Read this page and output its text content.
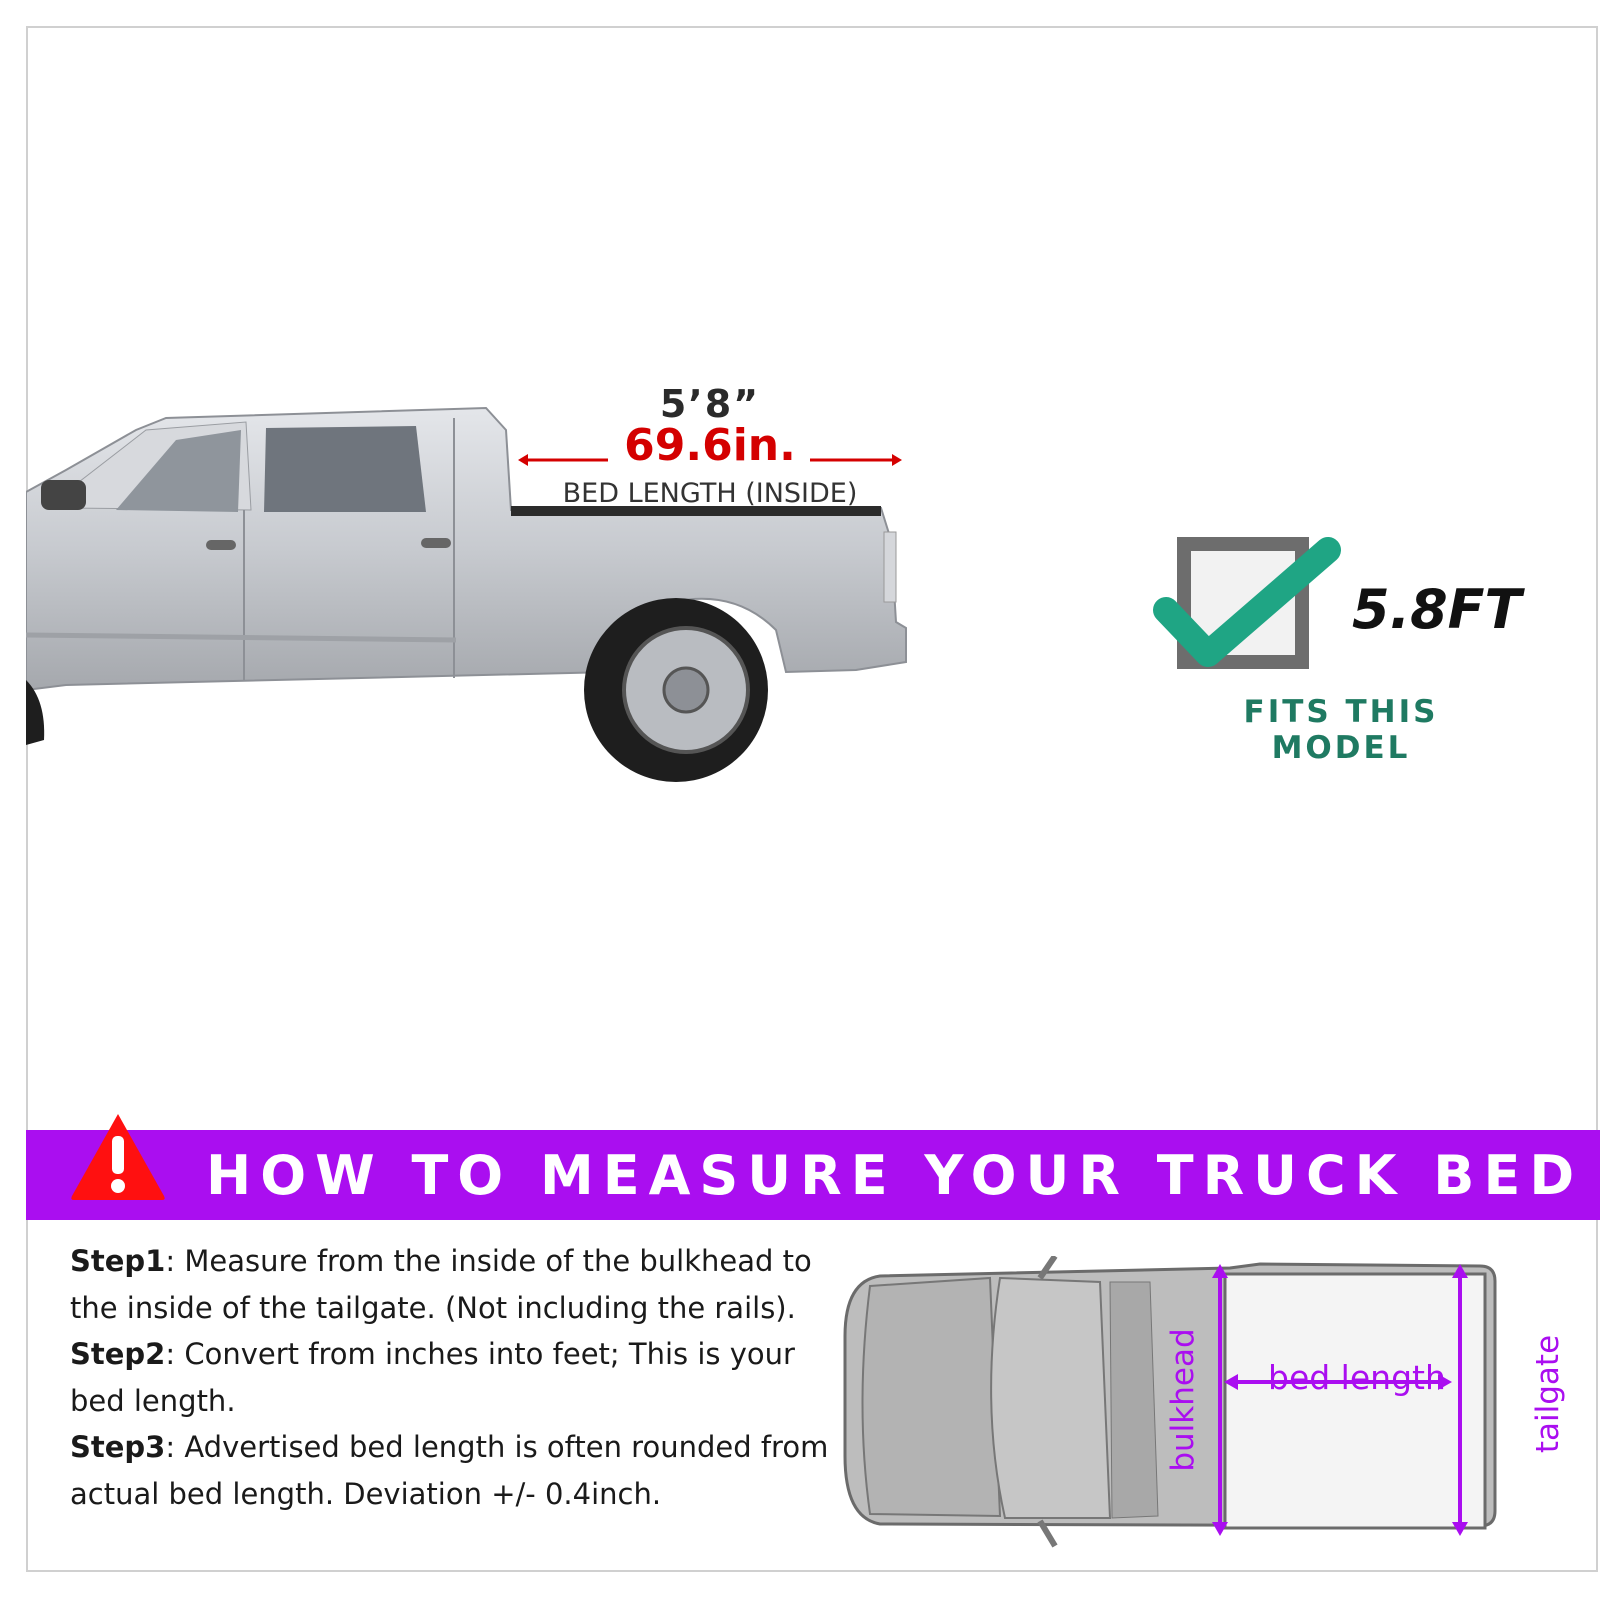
5’8”
69.6in.
BED LENGTH (INSIDE)
5.8FT
FITS THIS MODEL
HOW TO MEASURE YOUR TRUCK BED

Step1: Measure from the inside of the bulkhead to the inside of the tailgate. (Not including the rails).

Step2: Convert from inches into feet; This is your bed length.

Step3: Advertised bed length is often rounded from actual bed length. Deviation +/- 0.4inch.

bulkhead bed length	tailgate
